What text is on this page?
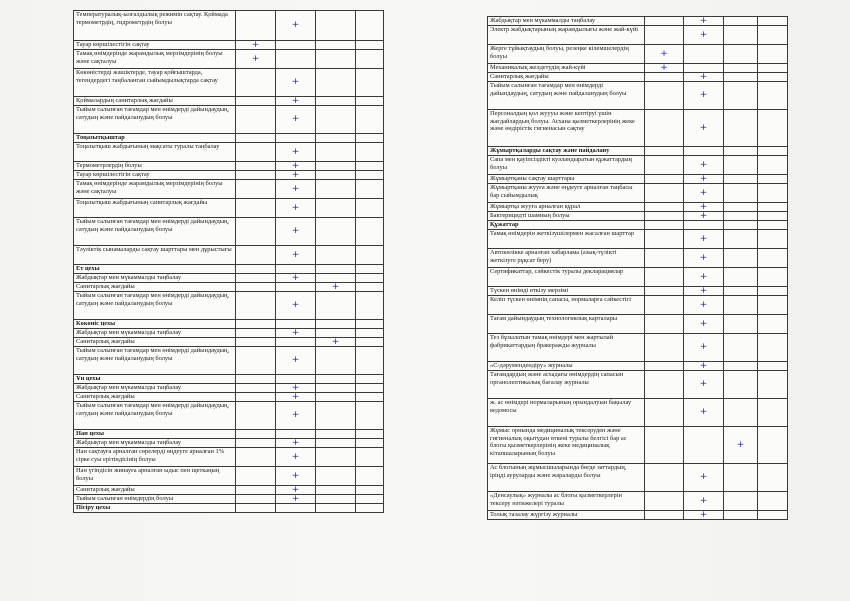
Температуралық-ылғалдылық режимін сақтау. Қоймада термометрдің, гидрометрдің болуы		+		
Тауар көршілестігін сақтау	+			
Тамақ өнімдерінде жарамдылық мерзімдерінің болуы және сақталуы	+			
Көкөністерді жәшіктерде, тауар қойғыштарда, тегендердегі таңбаланган сыйымдылықтарда сақтау		+		
Қоймалардың санитарлық жағдайы		+		
Тыйым салынған тағамдар мен өнімдерді дайындаудың, сатудың және пайдаланудың болуы		+		
Тоңазытқыштар				
Тоңазытқыш жабдығының мақсаты туралы таңбалау		+		
Термометрлердің болуы		+		
Тауар көршілестігін сақтау		+		
Тамақ өнімдерінде жарамдылық мерзімдерінің болуы және сақталуы		+		
Тоңазытқыш жабдығының санитарлық жағдайы		+		
Тыйым салынған тағамдар мен өнімдерді дайындаудың, сатудың және пайдаланудың болуы		+		
Тәуліктік сынамаларды сақтау шарттары мен дұрыстығы		+		
Ет цехы				
Жабдықтар мен мүкаммалды таңбалау		+		
Санитарлық жағдайы			+	
Тыйым салынған тағамдар мен өнімдерді дайындаудың, сатудың және пайдаланудың болуы		+		
Көкөніс цехы				
Жабдықтар мен мүкаммалды таңбалау		+		
Санитарлық жағдайы			+	
Тыйым салынған тағамдар мен өнімдерді дайындаудың, сатудың және пайдаланудың болуы		+		
Ұн цехы				
Жабдықтар мен мүкаммалды таңбалау		+		
Санитарлық жағдайы		+		
Тыйым салынған тағамдар мен өнімдерді дайындаудың, сатудың және пайдаланудың болуы		+		
Нан цехы				
Жабдықтар мен мүкаммалды таңбалау		+		
Нан сақтауға арналған сөрелерді өңдеуге арналған 1% сірке суы ерітіндісінің болуы		+		
Нан үгіндісін жинауға арналған ыдыс пен щеткаңың болуы		+		
Санитарлық жағдайы		+		
Тыйым салынған өнімдердің болуы		+		
Пісіру цехы				
Жабдықтар мен мүкаммалды таңбалау		+		
Электр жабдықтарының жарамдылығы және жай-күйі		+		
Жерге тұйықтаудың болуы, резеңке кілемшелердің болуы	+			
Механикалық желдетудің жай-күйі	+			
Санитарлық жағдайы		+		
Тыйым салынған тағамдар мен өнімдерді дайындаудың, сатудың және пайдаланудың болуы		+		
Персоналдың қол жуууы және кептіруі үшін жағдайлардың болуы. Асхана қызметкерлерінің жеке және өндірістік гигиенасын сақтау		+		
Жұмыртқаларды сақтау және пайдалану				
Сапа мен қауіпсіздікті куәландыратын құжаттардың болуы		+		
Жұмыртқаны сақтау шарттары		+		
Жұмыртқаны жууға және өңдеуге арналған таңбасы бар сыйымдылық		+		
Жұмыртқа жууға арналған құрал		+		
Бактерицидті шамның болуы		+		
Құжаттар				
Тамақ өнімдерін жеткізушілермен жасалған шарттар		+		
Автокөлікке арналған хабарлама (азық-түлікті жеткізуге рұқсат беру)		+		
Сертификаттар, сәйкестік туралы декларациялар		+		
Түскен өнімді өткізу мерзімі		+		
Келіп түскен өнімнің сапасы, нормаларға сәйкестігі		+		
Тағам дайындаудың технологиялық карталары		+		
Тез бұзылатын тамақ өнімдері мен жартылай фабрикаттардың бракеражды журналы		+		
«С-дәрумендендіру» журналы		+		
Тағамдардың және асхадағы өнімдердің сапасын органолептикалық бағалау журналы		+		
ж. ас өнімдері нормаларының орындалуын бақылау ведомосы		+		
Жұмыс орнында медициналық тексеруден және гигиеналық оқытудан өткені туралы белгісі бар ас блогы қызметкерлерінің жеке медициналық кітапшаларының болуы			+	
Ас блогының жұмысшыларында бөгде заттардың, іріңді ауруларды және жараларды болуы		+		
«Денсаулық» журналы ас блогы қызметкерлерін тексеру нәтижелері туралы		+		
Толық тазалау жүргізу журналы		+		
